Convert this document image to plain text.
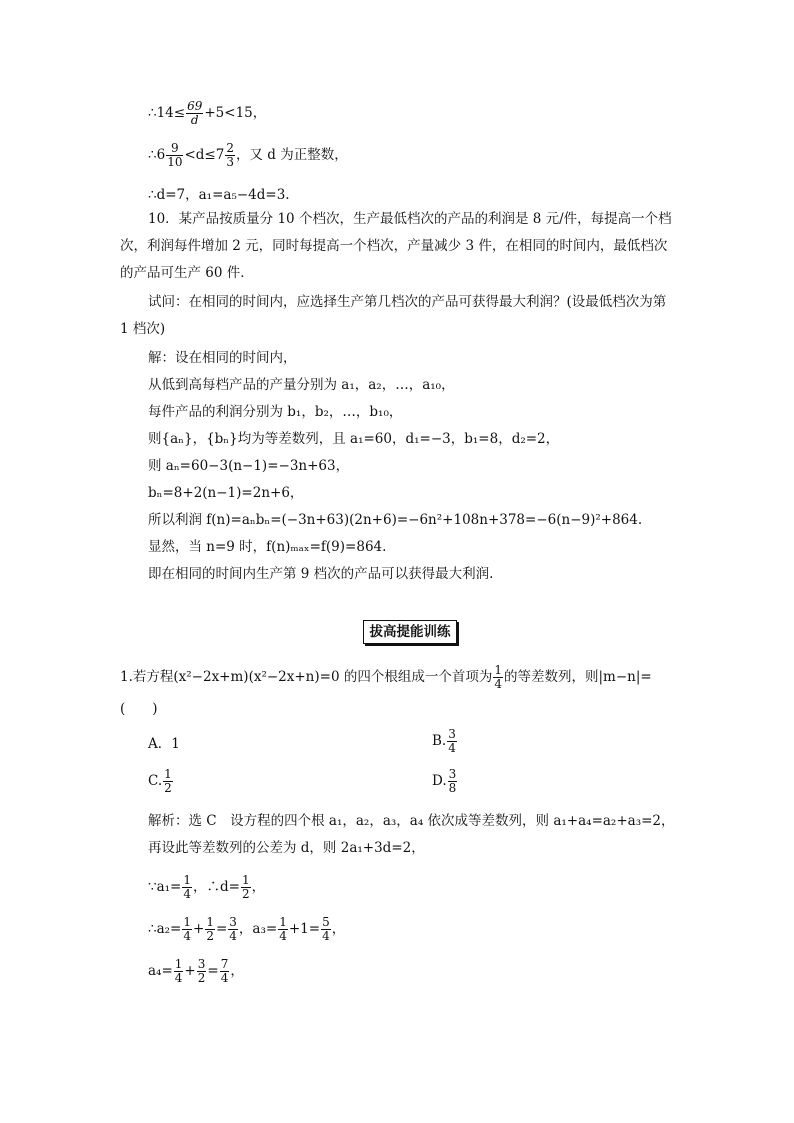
∴14≤ $\frac{69}{d} +5<15$，
∴6 $\frac{9}{10} <d\le 7 \frac{2}{3}$ ，又 d 为正整数，
∴d=7，a₁=a₅−4d=3.
10．某产品按质量分 10 个档次，生产最低档次的产品的利润是 8 元/件，每提高一个档次，利润每件增加 2 元，同时每提高一个档次，产量减少 3 件，在相同的时间内，最低档次的产品可生产 60 件．
试问：在相同的时间内，应选择生产第几档次的产品可获得最大利润？(设最低档次为第 1 档次)
解：设在相同的时间内，
从低到高每档产品的产量分别为 a₁，a₂，…，a₁₀，
每件产品的利润分别为 b₁，b₂，…，b₁₀，
则{aₙ}，{bₙ}均为等差数列，且 a₁=60，d₁=−3，b₁=8，d₂=2，
则 aₙ=60−3(n−1)=−3n+63，
bₙ=8+2(n−1)=2n+6，
所以利润 f(n)=aₙbₙ=(−3n+63)(2n+6)=−6n²+108n+378=−6(n−9)²+864.
显然，当 n=9 时，f(n)ₘₐₓ=f(9)=864.
即在相同的时间内生产第 9 档次的产品可以获得最大利润.
拔高提能训练
1.若方程(x²−2x+m)(x²−2x+n)=0 的四个根组成一个首项为 $\frac{1}{4}$ 的等差数列，则|m−n|=
(　　)
A．1	B. $\frac{3}{4}$
C. $\frac{1}{2}$	D. $\frac{3}{8}$
解析：选 C　设方程的四个根 a₁，a₂，a₃，a₄ 依次成等差数列，则 a₁+a₄=a₂+a₃=2，
再设此等差数列的公差为 d，则 2a₁+3d=2，
∵a₁= $\frac{1}{4}$ ，∴d= $\frac{1}{2}$ ，
∴a₂= $\frac{1}{4} + \frac{1}{2} = \frac{3}{4}$ ，$a_3= \frac{1}{4} +1= \frac{5}{4}$ ，
$a_4= \frac{1}{4} + \frac{3}{2} = \frac{7}{4}$ ，
